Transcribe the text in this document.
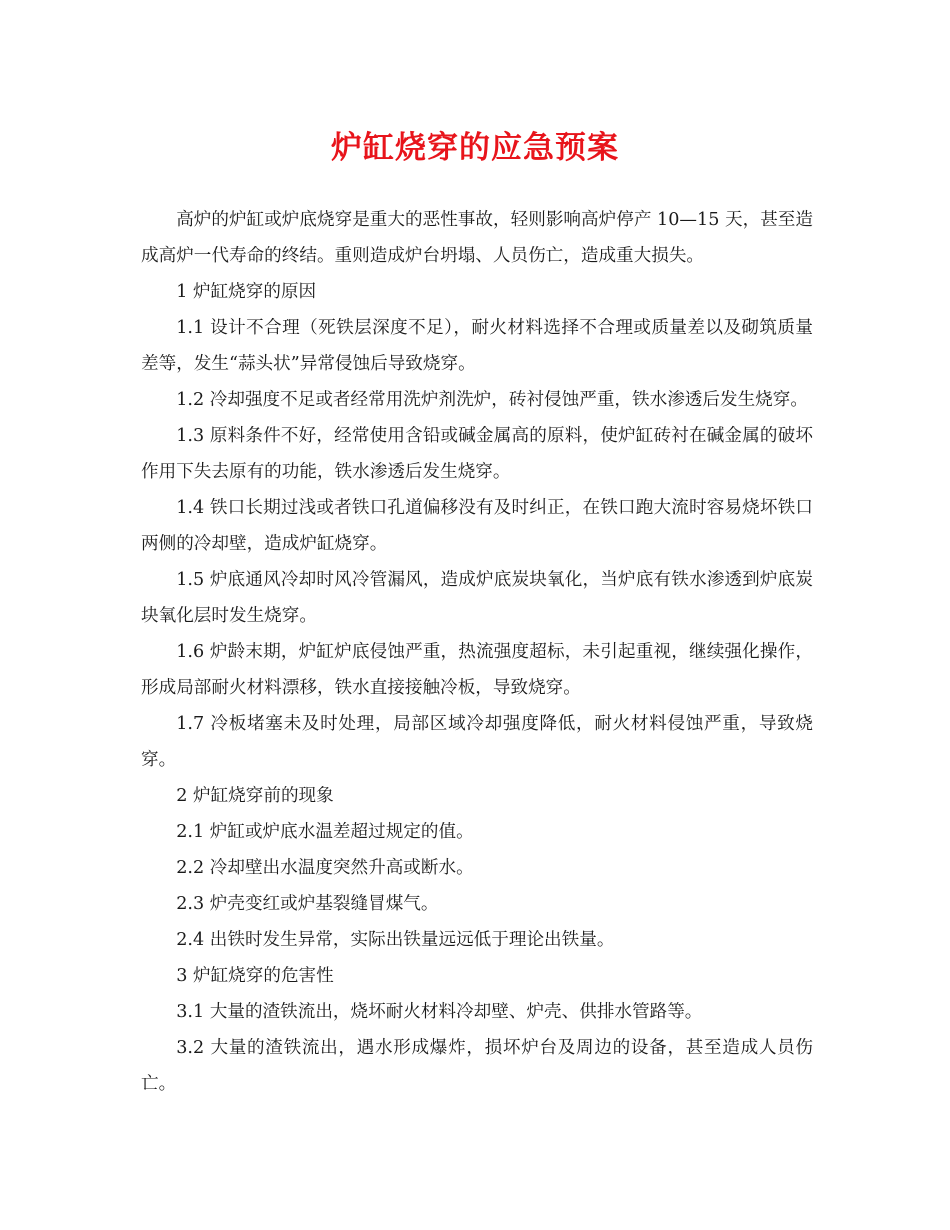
炉缸烧穿的应急预案

高炉的炉缸或炉底烧穿是重大的恶性事故，轻则影响高炉停产 10—15 天，甚至造成高炉一代寿命的终结。重则造成炉台坍塌、人员伤亡，造成重大损失。

1 炉缸烧穿的原因

1.1 设计不合理（死铁层深度不足），耐火材料选择不合理或质量差以及砌筑质量差等，发生“蒜头状”异常侵蚀后导致烧穿。

1.2 冷却强度不足或者经常用洗炉剂洗炉，砖衬侵蚀严重，铁水渗透后发生烧穿。

1.3 原料条件不好，经常使用含铅或碱金属高的原料，使炉缸砖衬在碱金属的破坏作用下失去原有的功能，铁水渗透后发生烧穿。

1.4 铁口长期过浅或者铁口孔道偏移没有及时纠正，在铁口跑大流时容易烧坏铁口两侧的冷却壁，造成炉缸烧穿。

1.5 炉底通风冷却时风冷管漏风，造成炉底炭块氧化，当炉底有铁水渗透到炉底炭块氧化层时发生烧穿。

1.6 炉龄末期，炉缸炉底侵蚀严重，热流强度超标，未引起重视，继续强化操作，形成局部耐火材料漂移，铁水直接接触冷板，导致烧穿。

1.7 冷板堵塞未及时处理，局部区域冷却强度降低，耐火材料侵蚀严重，导致烧穿。

2 炉缸烧穿前的现象

2.1 炉缸或炉底水温差超过规定的值。

2.2 冷却壁出水温度突然升高或断水。

2.3 炉壳变红或炉基裂缝冒煤气。

2.4 出铁时发生异常，实际出铁量远远低于理论出铁量。

3 炉缸烧穿的危害性

3.1 大量的渣铁流出，烧坏耐火材料冷却壁、炉壳、供排水管路等。

3.2 大量的渣铁流出，遇水形成爆炸，损坏炉台及周边的设备，甚至造成人员伤亡。
